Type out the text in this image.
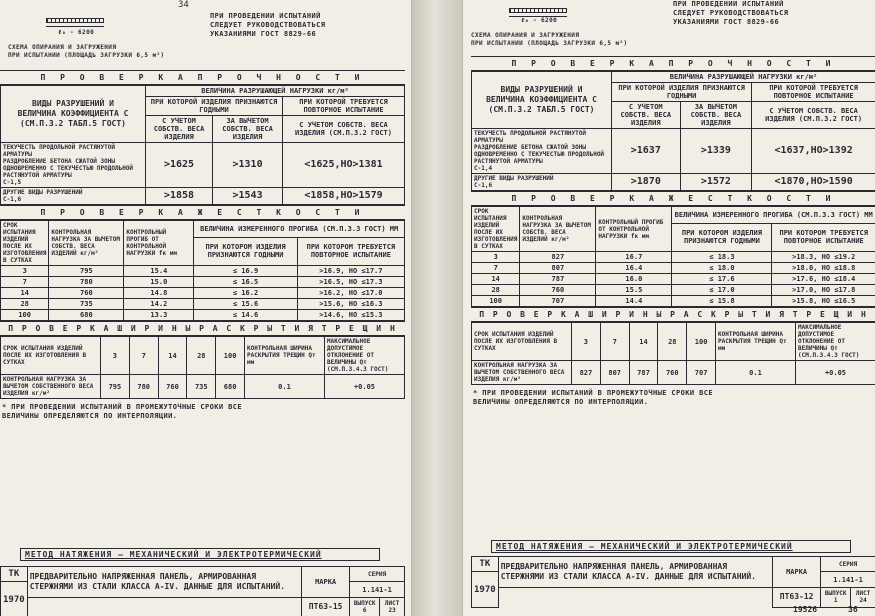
34
ℓ₀ - 6200
СХЕМА ОПИРАНИЯ И ЗАГРУЖЕНИЯ
ПРИ ИСПЫТАНИИ (ПЛОЩАДЬ ЗАГРУЗКИ 6,5 м²)
ПРИ ПРОВЕДЕНИИ ИСПЫТАНИЙ
СЛЕДУЕТ РУКОВОДСТВОВАТЬСЯ
УКАЗАНИЯМИ ГОСТ 8829-66
П Р О В Е Р К А П Р О Ч Н О С Т И
ВИДЫ РАЗРУШЕНИЙ И
ВЕЛИЧИНА КОЭФФИЦИЕНТА С
(СМ.П.3.2 ТАБЛ.5 ГОСТ)	ВЕЛИЧИНА РАЗРУШАЮЩЕЙ НАГРУЗКИ кг/м²		
	ПРИ КОТОРОЙ ИЗДЕЛИЯ ПРИЗНАЮТСЯ ГОДНЫМИ		ПРИ КОТОРОЙ ТРЕБУЕТСЯ ПОВТОРНОЕ ИСПЫТАНИЕ
	С УЧЕТОМ СОБСТВ. ВЕСА ИЗДЕЛИЯ	ЗА ВЫЧЕТОМ СОБСТВ. ВЕСА ИЗДЕЛИЯ	С УЧЕТОМ СОБСТВ. ВЕСА ИЗДЕЛИЯ (СМ.П.3.2 ГОСТ)
ТЕКУЧЕСТЬ ПРОДОЛЬНОЙ РАСТЯНУТОЙ АРМАТУРЫ
РАЗДРОБЛЕНИЕ БЕТОНА СЖАТОЙ ЗОНЫ ОДНОВРЕМЕННО С ТЕКУЧЕСТЬЮ ПРОДОЛЬНОЙ РАСТЯНУТОЙ АРМАТУРЫ
С-1,5	>1625	>1310	<1625,НО>1381
ДРУГИЕ ВИДЫ РАЗРУШЕНИЙ
С-1,6	>1858	>1543	<1858,НО>1579
П Р О В Е Р К А Ж Е С Т К О С Т И
СРОК ИСПЫТАНИЯ ИЗДЕЛИЙ ПОСЛЕ ИХ ИЗГОТОВЛЕНИЯ В СУТКАХ	КОНТРОЛЬНАЯ НАГРУЗКА ЗА ВЫЧЕТОМ СОБСТВ. ВЕСА ИЗДЕЛИЙ кг/м²	КОНТРОЛЬНЫЙ ПРОГИБ ОТ КОНТРОЛЬНОЙ НАГРУЗКИ fк мм	ВЕЛИЧИНА ИЗМЕРЕННОГО ПРОГИБА (СМ.П.3.3 ГОСТ) ММ	
			ПРИ КОТОРОМ ИЗДЕЛИЯ ПРИЗНАЮТСЯ ГОДНЫМИ	ПРИ КОТОРОМ ТРЕБУЕТСЯ ПОВТОРНОЕ ИСПЫТАНИЕ
3	795	15.4	≤ 16.9	>16.9, НО ≤17.7
7	780	15.0	≤ 16.5	>16.5, НО ≤17.3
14	760	14.8	≤ 16.2	>16.2, НО ≤17.0
28	735	14.2	≤ 15.6	>15.6, НО ≤16.3
100	680	13.3	≤ 14.6	>14.6, НО ≤15.3
П Р О В Е Р К А Ш И Р И Н Ы Р А С К Р Ы Т И Я Т Р Е Щ И Н
СРОК ИСПЫТАНИЯ ИЗДЕЛИЙ ПОСЛЕ ИХ ИЗГОТОВЛЕНИЯ В СУТКАХ	3	7	14	28	100	КОНТРОЛЬНАЯ ШИРИНА РАСКРЫТИЯ ТРЕЩИН Qт мм	МАКСИМАЛЬНОЕ ДОПУСТИМОЕ ОТКЛОНЕНИЕ ОТ ВЕЛИЧИНЫ Qт (СМ.П.3.4.3 ГОСТ)
КОНТРОЛЬНАЯ НАГРУЗКА ЗА ВЫЧЕТОМ СОБСТВЕННОГО ВЕСА ИЗДЕЛИЯ кг/м²	795	780	760	735	680	0.1	+0.05
* ПРИ ПРОВЕДЕНИИ ИСПЫТАНИЙ В ПРОМЕЖУТОЧНЫЕ СРОКИ ВСЕ
ВЕЛИЧИНЫ ОПРЕДЕЛЯЮТСЯ ПО ИНТЕРПОЛЯЦИИ.
МЕТОД НАТЯЖЕНИЯ — МЕХАНИЧЕСКИЙ И ЭЛЕКТРОТЕРМИЧЕСКИЙ
ТК	ПРЕДВАРИТЕЛЬНО НАПРЯЖЕННАЯ ПАНЕЛЬ, АРМИРОВАННАЯ СТЕРЖНЯМИ ИЗ СТАЛИ КЛАССА А-IV. ДАННЫЕ ДЛЯ ИСПЫТАНИЙ.	МАРКА	СЕРИЯ	
1970			1.141-1	
		ПТ63-15	ВЫПУСК 6	ЛИСТ 23
ℓ₀ - 6200
СХЕМА ОПИРАНИЯ И ЗАГРУЖЕНИЯ
ПРИ ИСПЫТАНИИ (ПЛОЩАДЬ ЗАГРУЗКИ 6,5 м²)
ПРИ ПРОВЕДЕНИИ ИСПЫТАНИЙ
СЛЕДУЕТ РУКОВОДСТВОВАТЬСЯ
УКАЗАНИЯМИ ГОСТ 8829-66
П Р О В Е Р К А П Р О Ч Н О С Т И
ВИДЫ РАЗРУШЕНИЙ И
ВЕЛИЧИНА КОЭФФИЦИЕНТА С
(СМ.П.3.2 ТАБЛ.5 ГОСТ)	ВЕЛИЧИНА РАЗРУШАЮЩЕЙ НАГРУЗКИ кг/м²		
	ПРИ КОТОРОЙ ИЗДЕЛИЯ ПРИЗНАЮТСЯ ГОДНЫМИ		ПРИ КОТОРОЙ ТРЕБУЕТСЯ ПОВТОРНОЕ ИСПЫТАНИЕ
	С УЧЕТОМ СОБСТВ. ВЕСА ИЗДЕЛИЯ	ЗА ВЫЧЕТОМ СОБСТВ. ВЕСА ИЗДЕЛИЯ	С УЧЕТОМ СОБСТВ. ВЕСА ИЗДЕЛИЯ (СМ.П.3.2 ГОСТ)
ТЕКУЧЕСТЬ ПРОДОЛЬНОЙ РАСТЯНУТОЙ АРМАТУРЫ
РАЗДРОБЛЕНИЕ БЕТОНА СЖАТОЙ ЗОНЫ ОДНОВРЕМЕННО С ТЕКУЧЕСТЬЮ ПРОДОЛЬНОЙ РАСТЯНУТОЙ АРМАТУРЫ
С-1,4	>1637	>1339	<1637,НО>1392
ДРУГИЕ ВИДЫ РАЗРУШЕНИЙ
С-1,6	>1870	>1572	<1870,НО>1590
П Р О В Е Р К А Ж Е С Т К О С Т И
СРОК ИСПЫТАНИЯ ИЗДЕЛИЙ ПОСЛЕ ИХ ИЗГОТОВЛЕНИЯ В СУТКАХ	КОНТРОЛЬНАЯ НАГРУЗКА ЗА ВЫЧЕТОМ СОБСТВ. ВЕСА ИЗДЕЛИЙ кг/м²	КОНТРОЛЬНЫЙ ПРОГИБ ОТ КОНТРОЛЬНОЙ НАГРУЗКИ fк мм	ВЕЛИЧИНА ИЗМЕРЕННОГО ПРОГИБА (СМ.П.3.3 ГОСТ) ММ	
			ПРИ КОТОРОМ ИЗДЕЛИЯ ПРИЗНАЮТСЯ ГОДНЫМИ	ПРИ КОТОРОМ ТРЕБУЕТСЯ ПОВТОРНОЕ ИСПЫТАНИЕ
3	827	16.7	≤ 18.3	>18.3, НО ≤19.2
7	807	16.4	≤ 18.0	>18.0, НО ≤18.8
14	787	16.0	≤ 17.6	>17.6, НО ≤18.4
28	760	15.5	≤ 17.0	>17.0, НО ≤17.8
100	707	14.4	≤ 15.8	>15.8, НО ≤16.5
П Р О В Е Р К А Ш И Р И Н Ы Р А С К Р Ы Т И Я Т Р Е Щ И Н
СРОК ИСПЫТАНИЯ ИЗДЕЛИЙ ПОСЛЕ ИХ ИЗГОТОВЛЕНИЯ В СУТКАХ	3	7	14	28	100	КОНТРОЛЬНАЯ ШИРИНА РАСКРЫТИЯ ТРЕЩИН Qт мм	МАКСИМАЛЬНОЕ ДОПУСТИМОЕ ОТКЛОНЕНИЕ ОТ ВЕЛИЧИНЫ Qт (СМ.П.3.4.3 ГОСТ)
КОНТРОЛЬНАЯ НАГРУЗКА ЗА ВЫЧЕТОМ СОБСТВЕННОГО ВЕСА ИЗДЕЛИЯ кг/м²	827	807	787	760	707	0.1	+0.05
* ПРИ ПРОВЕДЕНИИ ИСПЫТАНИЙ В ПРОМЕЖУТОЧНЫЕ СРОКИ ВСЕ
ВЕЛИЧИНЫ ОПРЕДЕЛЯЮТСЯ ПО ИНТЕРПОЛЯЦИИ.
МЕТОД НАТЯЖЕНИЯ — МЕХАНИЧЕСКИЙ И ЭЛЕКТРОТЕРМИЧЕСКИЙ
ТК	ПРЕДВАРИТЕЛЬНО НАПРЯЖЕННАЯ ПАНЕЛЬ, АРМИРОВАННАЯ СТЕРЖНЯМИ ИЗ СТАЛИ КЛАССА А-IV. ДАННЫЕ ДЛЯ ИСПЫТАНИЙ.	МАРКА	СЕРИЯ	
1970			1.141-1	
		ПТ63-12	ВЫПУСК 1	ЛИСТ 24
19526	36
